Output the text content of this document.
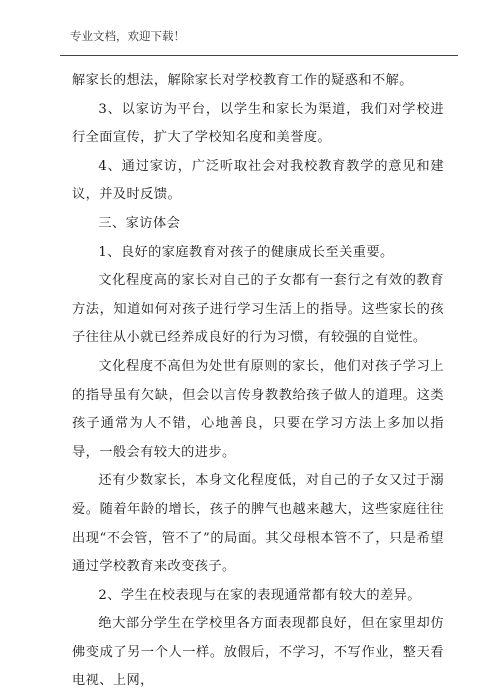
专业文档，欢迎下载！

解家长的想法，解除家长对学校教育工作的疑惑和不解。

3、以家访为平台，以学生和家长为渠道，我们对学校进行全面宣传，扩大了学校知名度和美誉度。

4、通过家访，广泛听取社会对我校教育教学的意见和建议，并及时反馈。

三、家访体会

1、良好的家庭教育对孩子的健康成长至关重要。

文化程度高的家长对自己的子女都有一套行之有效的教育方法，知道如何对孩子进行学习生活上的指导。这些家长的孩子往往从小就已经养成良好的行为习惯，有较强的自觉性。

文化程度不高但为处世有原则的家长，他们对孩子学习上的指导虽有欠缺，但会以言传身教教给孩子做人的道理。这类孩子通常为人不错，心地善良，只要在学习方法上多加以指导，一般会有较大的进步。

还有少数家长，本身文化程度低，对自己的子女又过于溺爱。随着年龄的增长，孩子的脾气也越来越大，这些家庭往往出现“不会管，管不了”的局面。其父母根本管不了，只是希望通过学校教育来改变孩子。

2、学生在校表现与在家的表现通常都有较大的差异。

绝大部分学生在学校里各方面表现都良好，但在家里却仿佛变成了另一个人一样。放假后，不学习，不写作业，整天看电视、上网，
